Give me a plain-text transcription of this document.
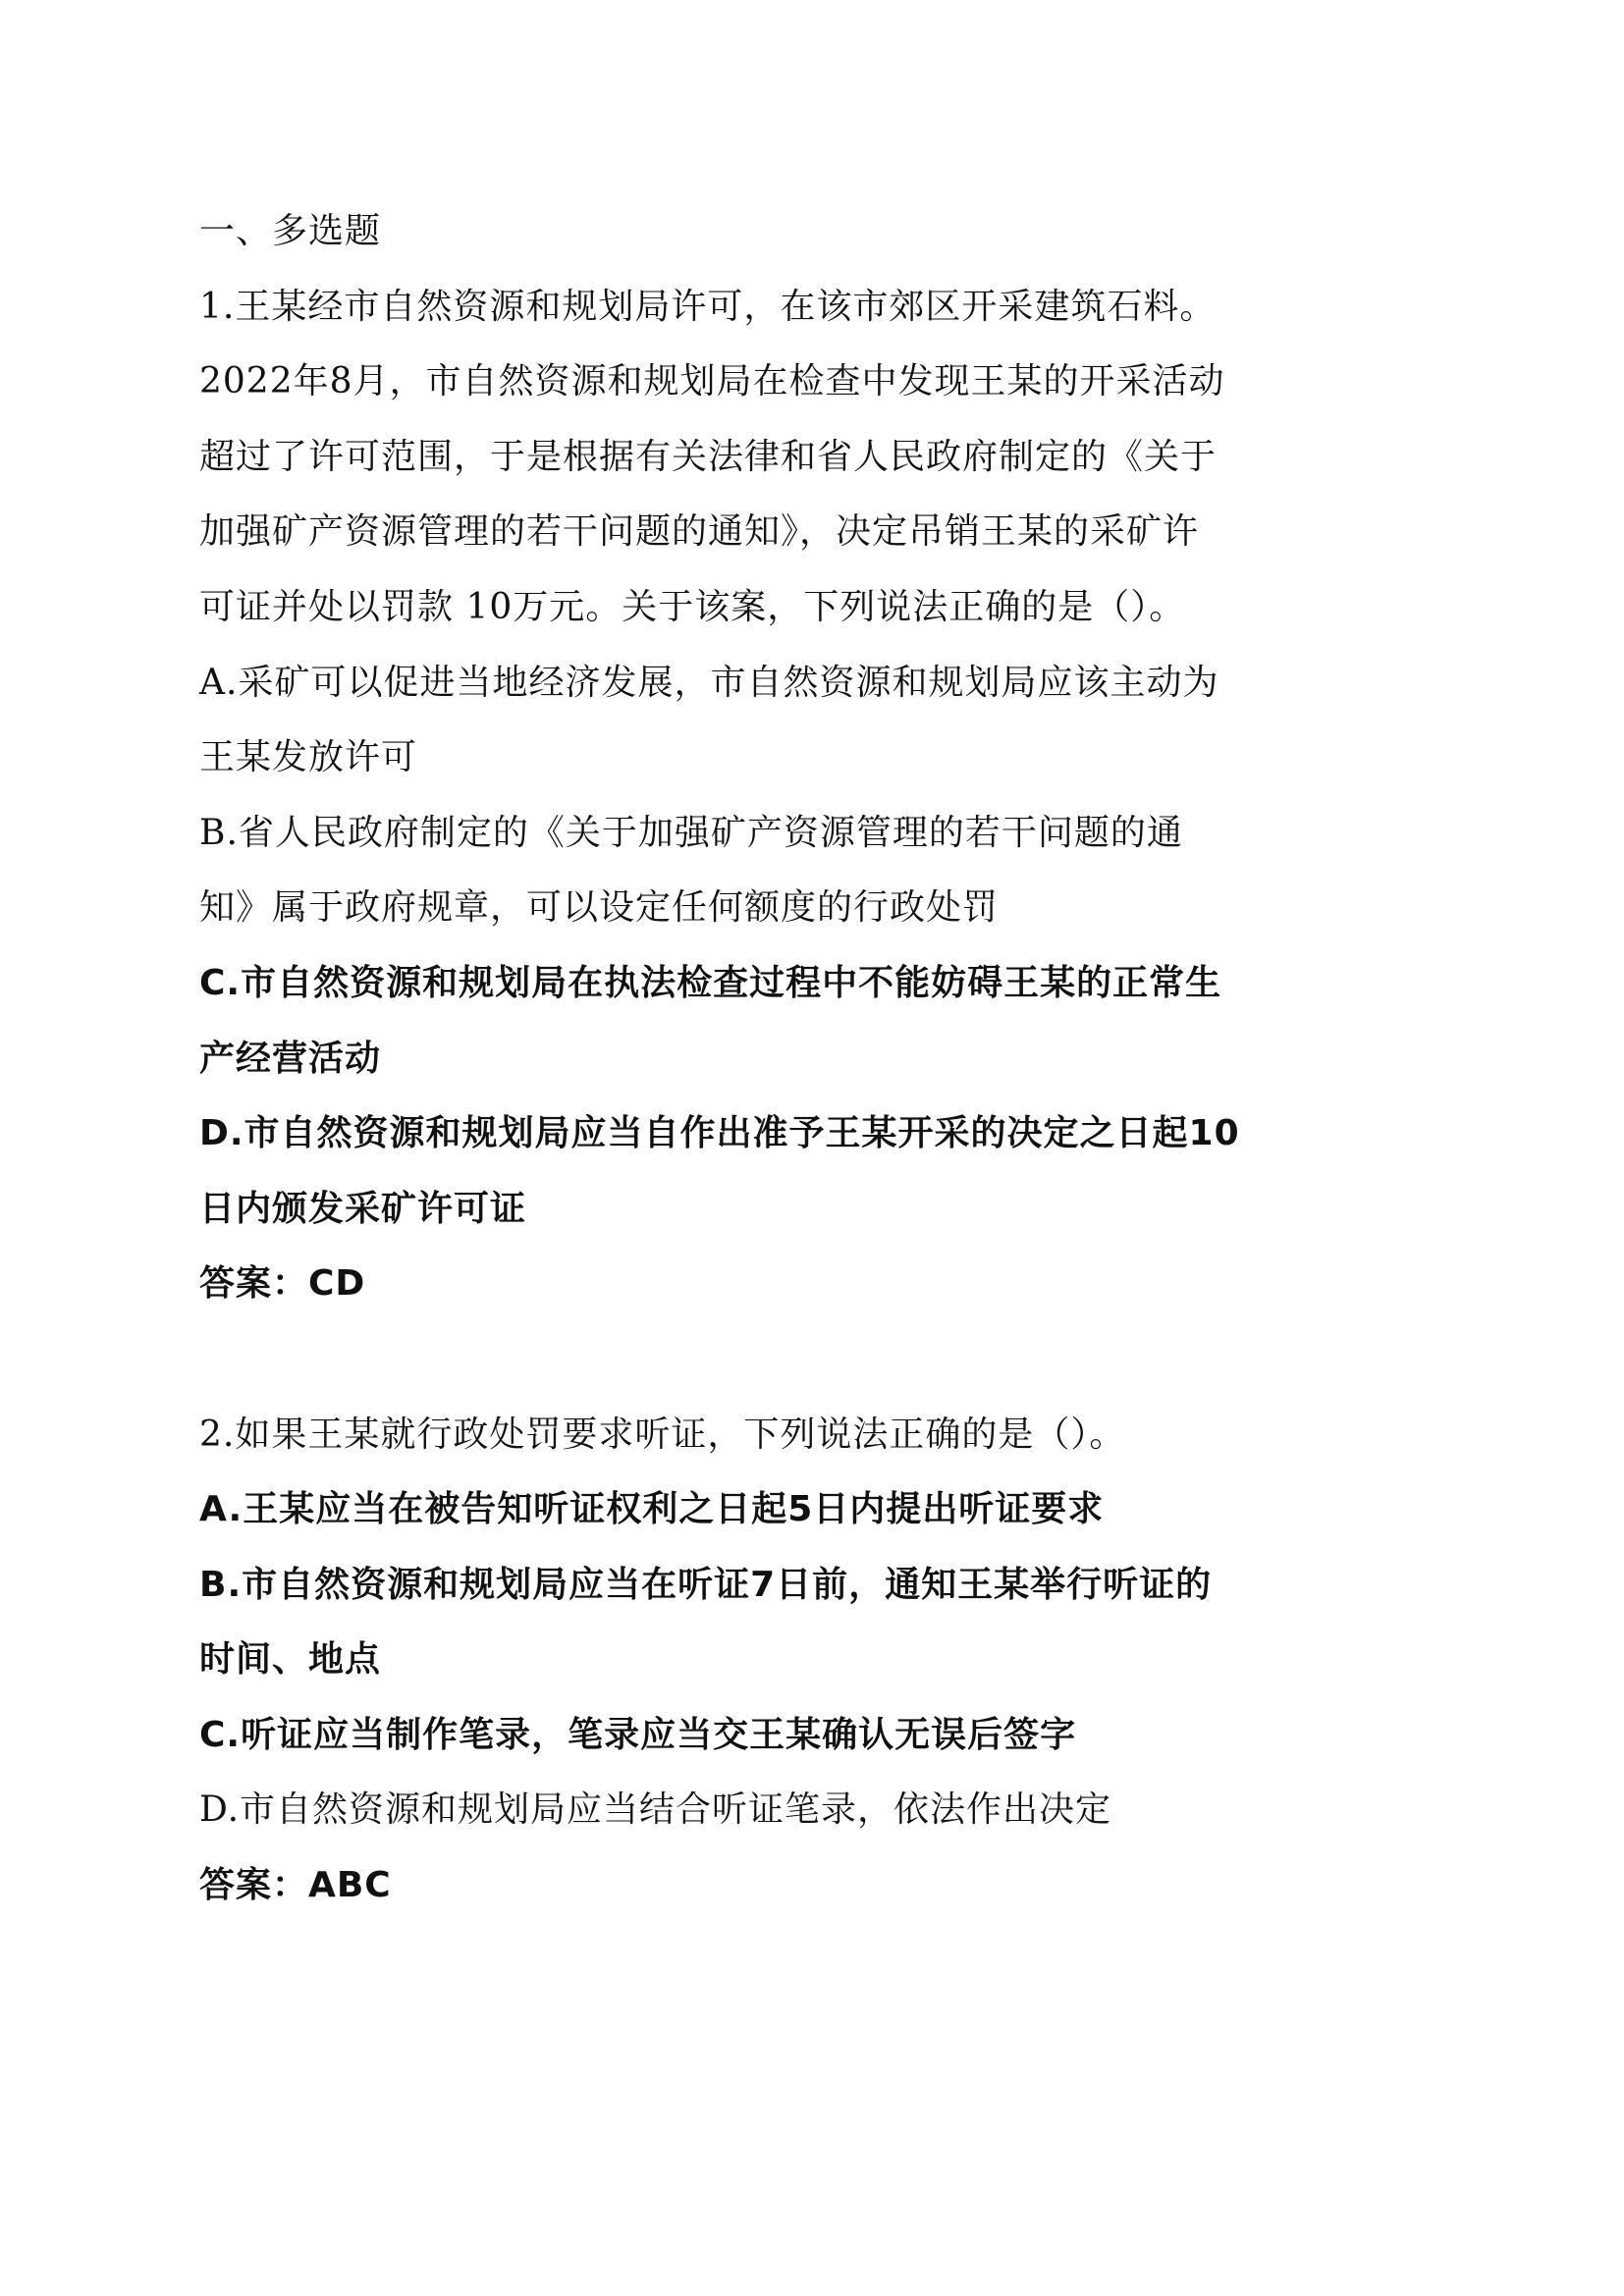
一、多选题
1.王某经市自然资源和规划局许可，在该市郊区开采建筑石料。
2022年8月，市自然资源和规划局在检查中发现王某的开采活动
超过了许可范围，于是根据有关法律和省人民政府制定的《关于
加强矿产资源管理的若干问题的通知》，决定吊销王某的采矿许
可证并处以罚款 10万元。关于该案，下列说法正确的是（）。
A.采矿可以促进当地经济发展，市自然资源和规划局应该主动为
王某发放许可
B.省人民政府制定的《关于加强矿产资源管理的若干问题的通
知》属于政府规章，可以设定任何额度的行政处罚
C.市自然资源和规划局在执法检查过程中不能妨碍王某的正常生
产经营活动
D.市自然资源和规划局应当自作出准予王某开采的决定之日起10
日内颁发采矿许可证
答案：CD
2.如果王某就行政处罚要求听证，下列说法正确的是（）。
A.王某应当在被告知听证权利之日起5日内提出听证要求
B.市自然资源和规划局应当在听证7日前，通知王某举行听证的
时间、地点
C.听证应当制作笔录，笔录应当交王某确认无误后签字
D.市自然资源和规划局应当结合听证笔录，依法作出决定
答案：ABC
